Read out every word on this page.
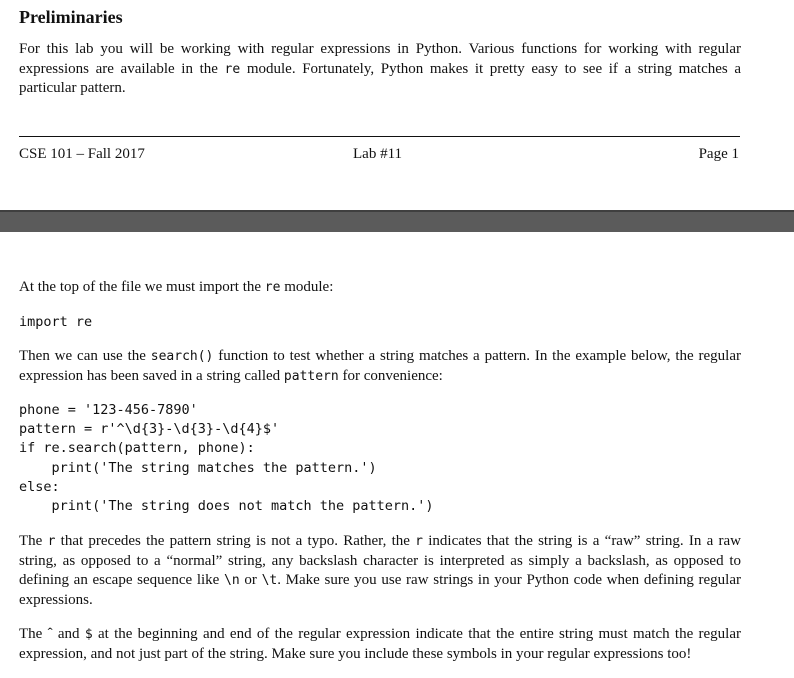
Preliminaries
For this lab you will be working with regular expressions in Python. Various functions for working with regular expressions are available in the re module. Fortunately, Python makes it pretty easy to see if a string matches a particular pattern.
CSE 101 – Fall 2017	Lab #11	Page 1
At the top of the file we must import the re module:
import re
Then we can use the search() function to test whether a string matches a pattern. In the example below, the regular expression has been saved in a string called pattern for convenience:
phone = '123-456-7890'
pattern = r'^\d{3}-\d{3}-\d{4}$'
if re.search(pattern, phone):
print('The string matches the pattern.')
else:
print('The string does not match the pattern.')
The r that precedes the pattern string is not a typo. Rather, the r indicates that the string is a “raw” string. In a raw string, as opposed to a “normal” string, any backslash character is interpreted as simply a backslash, as opposed to defining an escape sequence like \n or \t. Make sure you use raw strings in your Python code when defining regular expressions.
The ˆ and $ at the beginning and end of the regular expression indicate that the entire string must match the regular expression, and not just part of the string. Make sure you include these symbols in your regular expressions too!
